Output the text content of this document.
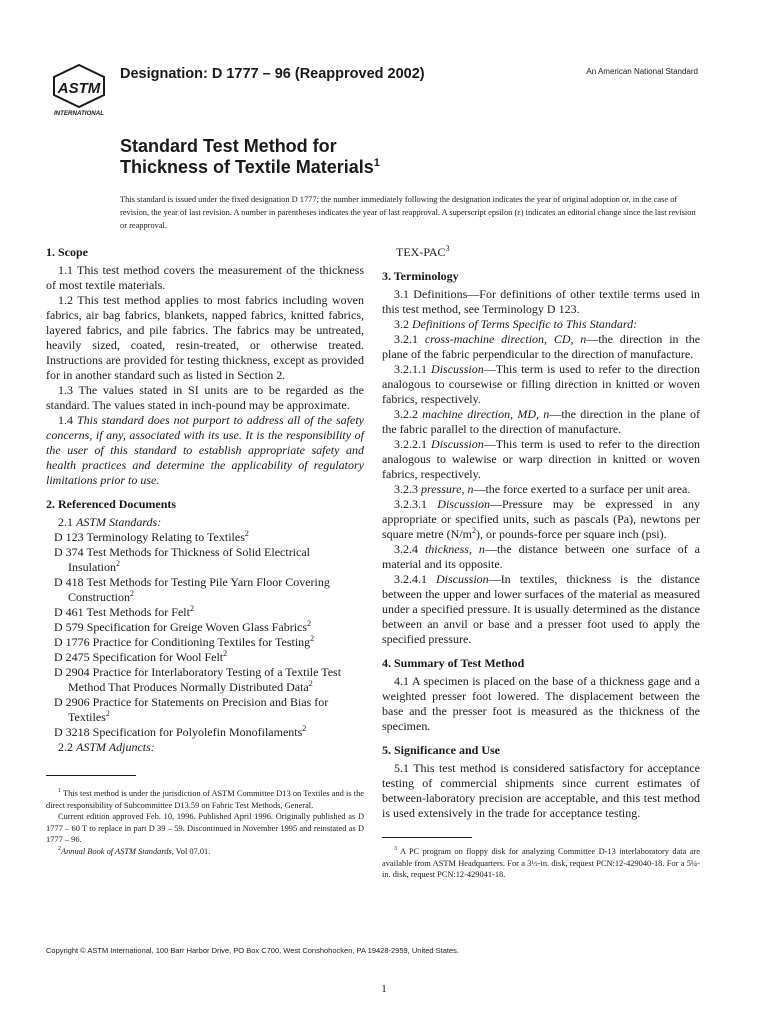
ASTM
INTERNATIONAL
Designation: D 1777 – 96 (Reapproved 2002)	An American National Standard
Standard Test Method for
Thickness of Textile Materials$^1$

This standard is issued under the fixed designation D 1777; the number immediately following the designation indicates the year of original adoption or, in the case of revision, the year of last revision. A number in parentheses indicates the year of last reapproval. A superscript epsilon (ε) indicates an editorial change since the last revision or reapproval.

1. Scope

1.1 This test method covers the measurement of the thickness of most textile materials.

1.2 This test method applies to most fabrics including woven fabrics, air bag fabrics, blankets, napped fabrics, knitted fabrics, layered fabrics, and pile fabrics. The fabrics may be untreated, heavily sized, coated, resin-treated, or otherwise treated. Instructions are provided for testing thickness, except as provided for in another standard such as listed in Section 2.

1.3 The values stated in SI units are to be regarded as the standard. The values stated in inch-pound may be approximate.

1.4 This standard does not purport to address all of the safety concerns, if any, associated with its use. It is the responsibility of the user of this standard to establish appropriate safety and health practices and determine the applicability of regulatory limitations prior to use.

2. Referenced Documents

2.1 ASTM Standards:

D 123 Terminology Relating to Textiles$^2$

D 374 Test Methods for Thickness of Solid Electrical Insulation$^2$

D 418 Test Methods for Testing Pile Yarn Floor Covering Construction$^2$

D 461 Test Methods for Felt$^2$

D 579 Specification for Greige Woven Glass Fabrics$^2$

D 1776 Practice for Conditioning Textiles for Testing$^2$

D 2475 Specification for Wool Felt$^2$

D 2904 Practice for Interlaboratory Testing of a Textile Test Method That Produces Normally Distributed Data$^2$

D 2906 Practice for Statements on Precision and Bias for Textiles$^2$

D 3218 Specification for Polyolefin Monofilaments$^2$

2.2 ASTM Adjuncts:

$^1$ This test method is under the jurisdiction of ASTM Committee D13 on Textiles and is the direct responsibility of Subcommittee D13.59 on Fabric Test Methods, General.

Current edition approved Feb. 10, 1996. Published April 1996. Originally published as D 1777 – 60 T to replace in part D 39 – 59. Discontinued in November 1995 and reinstated as D 1777 – 96.

$^2$Annual Book of ASTM Standards, Vol 07.01.

TEX-PAC$^3$

3. Terminology

3.1 Definitions—For definitions of other textile terms used in this test method, see Terminology D 123.

3.2 Definitions of Terms Specific to This Standard:

3.2.1 cross-machine direction, CD, n—the direction in the plane of the fabric perpendicular to the direction of manufacture.

3.2.1.1 Discussion—This term is used to refer to the direction analogous to coursewise or filling direction in knitted or woven fabrics, respectively.

3.2.2 machine direction, MD, n—the direction in the plane of the fabric parallel to the direction of manufacture.

3.2.2.1 Discussion—This term is used to refer to the direction analogous to walewise or warp direction in knitted or woven fabrics, respectively.

3.2.3 pressure, n—the force exerted to a surface per unit area.

3.2.3.1 Discussion—Pressure may be expressed in any appropriate or specified units, such as pascals (Pa), newtons per square metre $(N/m^2)$, or pounds-force per square inch (psi).

3.2.4 thickness, n—the distance between one surface of a material and its opposite.

3.2.4.1 Discussion—In textiles, thickness is the distance between the upper and lower surfaces of the material as measured under a specified pressure. It is usually determined as the distance between an anvil or base and a presser foot used to apply the specified pressure.

4. Summary of Test Method

4.1 A specimen is placed on the base of a thickness gage and a weighted presser foot lowered. The displacement between the base and the presser foot is measured as the thickness of the specimen.

5. Significance and Use

5.1 This test method is considered satisfactory for acceptance testing of commercial shipments since current estimates of between-laboratory precision are acceptable, and this test method is used extensively in the trade for acceptance testing.

$^3$ A PC program on floppy disk for analyzing Committee D-13 interlaboratory data are available from ASTM Headquarters. For a 3½-in. disk, request PCN:12-429040-18. For a 5¼-in. disk, request PCN:12-429041-18.

Copyright © ASTM International, 100 Barr Harbor Drive, PO Box C700, West Conshohocken, PA 19428-2959, United States.

1
